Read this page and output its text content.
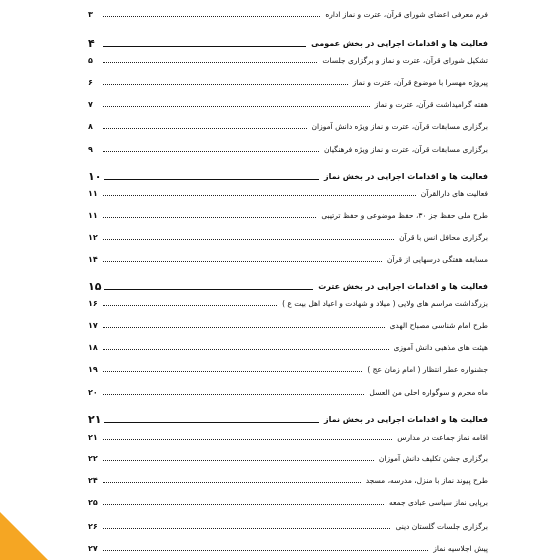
فرم معرفی اعضای شورای قرآن، عترت و نماز اداره
۳
فعالیت ها و اقدامات اجرایی در بخش عمومی
۴
تشکیل شورای قرآن، عترت و نماز و برگزاری جلسات
۵
پیروژه مهسرا با موضوع قرآن، عترت و نماز
۶
هفته گرامیداشت قرآن، عترت و نماز
۷
برگزاری مسابقات قرآن، عترت و نماز ویژه دانش آموزان
۸
برگزاری مسابقات قرآن، عترت و نماز ویژه فرهنگیان
۹
فعالیت ها و اقدامات اجرایی در بخش نماز
۱۰
فعالیت های دارالقرآن
۱۱
طرح ملی حفظ جز ۳۰، حفظ موضوعی و حفظ ترتیبی
۱۱
برگزاری محافل انس با قرآن
۱۲
مسابقه هفتگی درسهایی از قرآن
۱۴
فعالیت ها و اقدامات اجرایی در بخش عترت
۱۵
بزرگداشت مراسم های ولایی ( میلاد و شهادت و اعیاد اهل بیت ع )
۱۶
طرح امام شناسی مصباح الهدی
۱۷
هیئت های مذهبی دانش آموزی
۱۸
جشنواره عطر انتظار ( امام زمان عج )
۱۹
ماه محرم و سوگواره احلی من العسل
۲۰
فعالیت ها و اقدامات اجرایی در بخش نماز
۲۱
اقامه نماز جماعت در مدارس
۲۱
برگزاری جشن تکلیف دانش آموزان
۲۲
طرح پیوند نماز با منزل، مدرسه، مسجد
۲۴
برپایی نماز سیاسی عبادی جمعه
۲۵
برگزاری جلسات گلستان دینی
۲۶
پیش اجلاسیه نماز
۲۷
